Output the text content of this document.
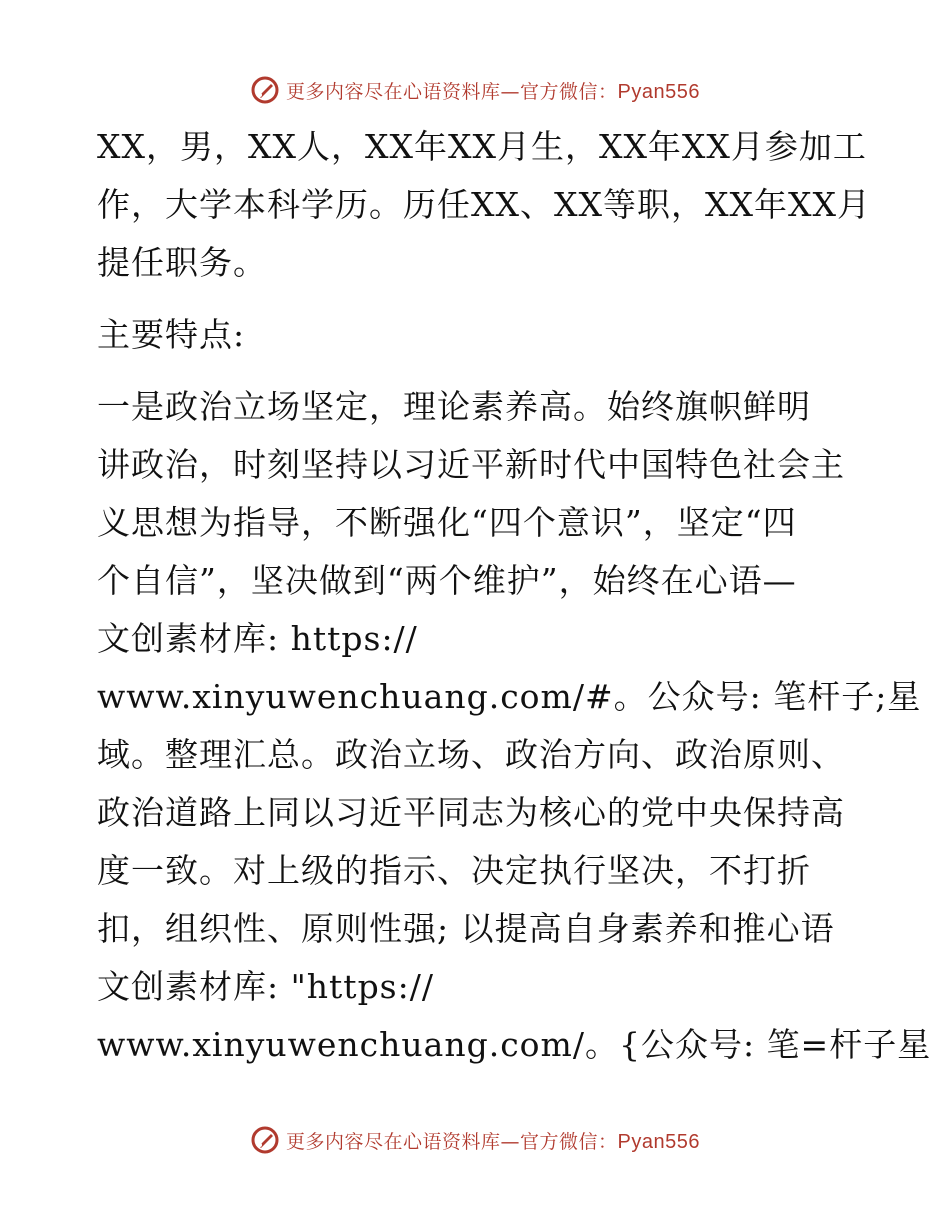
更多内容尽在心语资料库—官方微信：Pyan556
XX，男，XX人，XX年XX月生，XX年XX月参加工
作，大学本科学历。历任XX、XX等职，XX年XX月
提任职务。
主要特点:
一是政治立场坚定，理论素养高。始终旗帜鲜明
讲政治，时刻坚持以习近平新时代中国特色社会主
义思想为指导，不断强化“四个意识”，坚定“四
个自信”，坚决做到“两个维护”，始终在心语—
文创素材库: https://
www.xinyuwenchuang.com/#。公众号: 笔杆子;星
域。整理汇总。政治立场、政治方向、政治原则、
政治道路上同以习近平同志为核心的党中央保持高
度一致。对上级的指示、决定执行坚决，不打折
扣，组织性、原则性强; 以提高自身素养和推心语
文创素材库: "https://
www.xinyuwenchuang.com/。{公众号: 笔=杆子星
更多内容尽在心语资料库—官方微信：Pyan556
